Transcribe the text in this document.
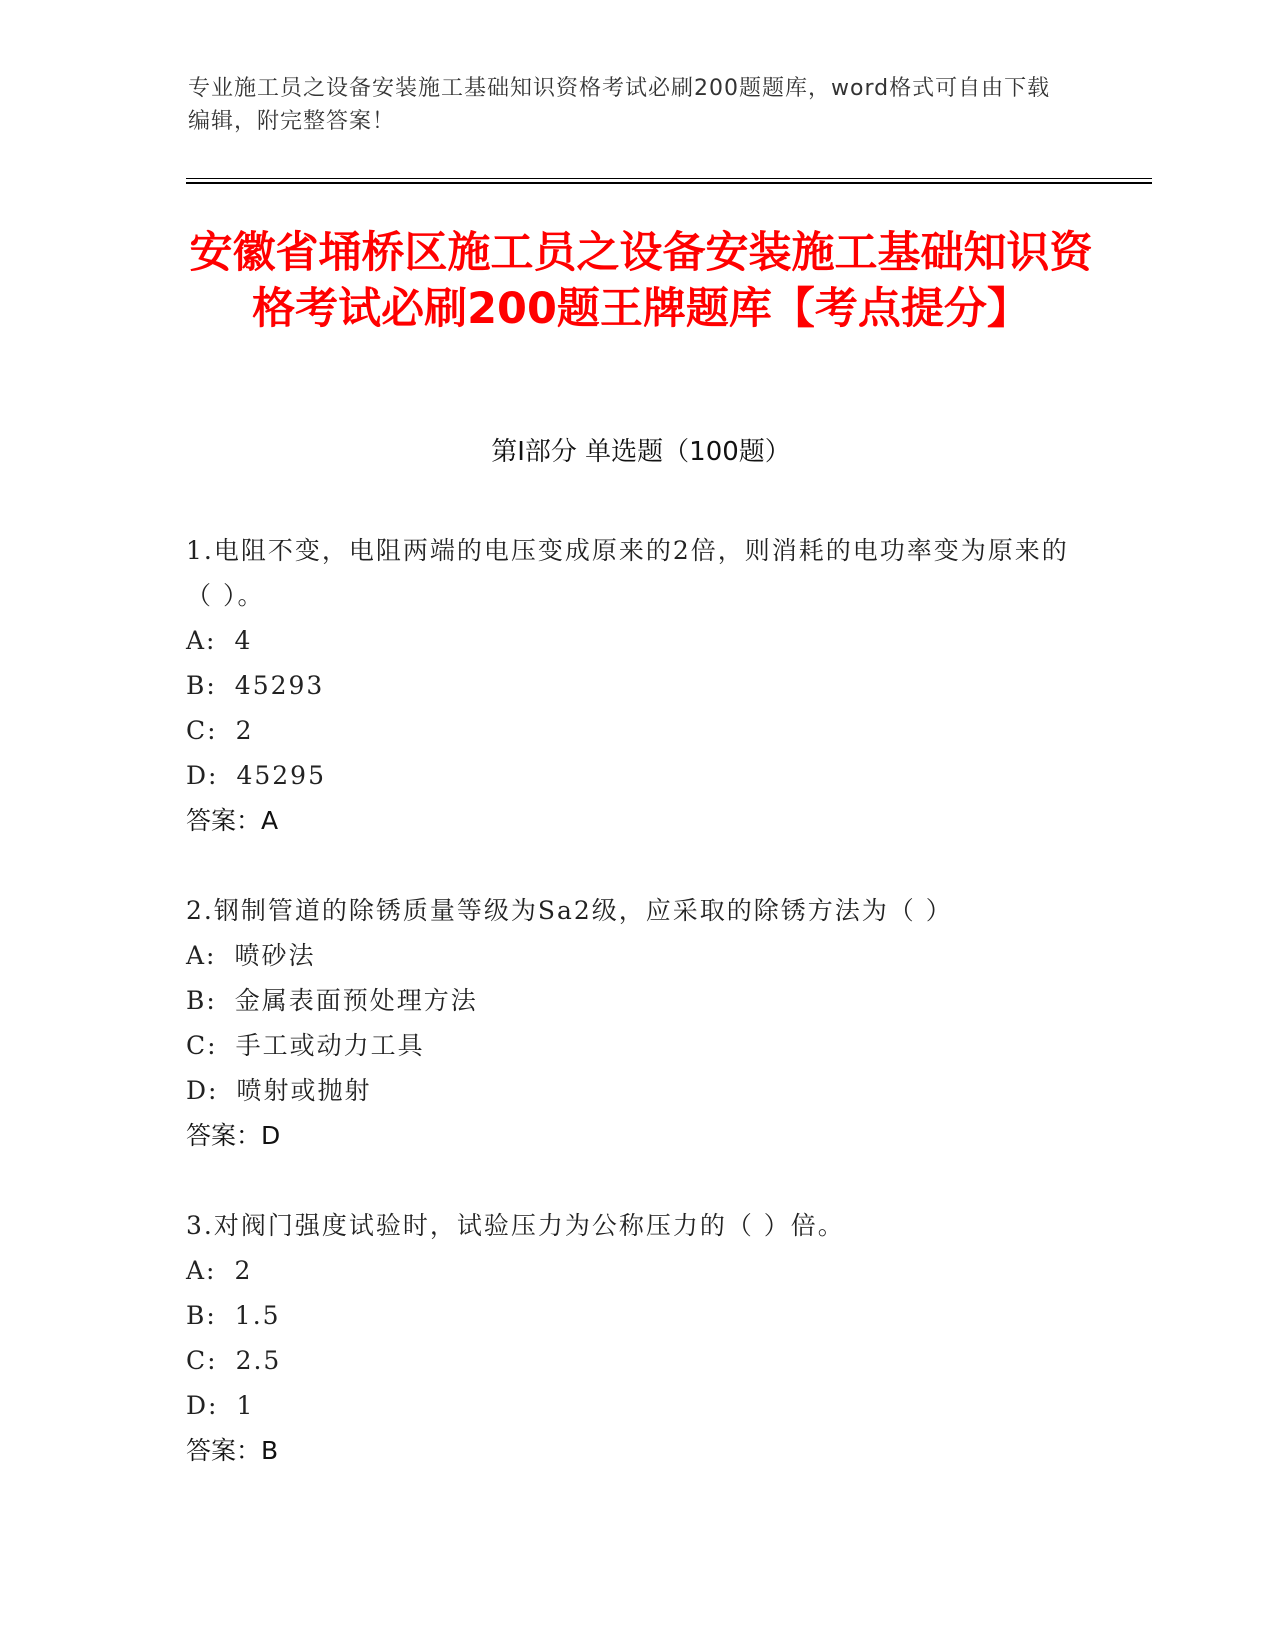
专业施工员之设备安装施工基础知识资格考试必刷200题题库，word格式可自由下载编辑，附完整答案！
安徽省埇桥区施工员之设备安装施工基础知识资格考试必刷200题王牌题库【考点提分】
第I部分 单选题（100题）

1.电阻不变，电阻两端的电压变成原来的2倍，则消耗的电功率变为原来的（ ）。

A: 4

B: 45293

C: 2

D: 45295

答案：A

2.钢制管道的除锈质量等级为Sa2级，应采取的除锈方法为（ ）

A: 喷砂法

B: 金属表面预处理方法

C: 手工或动力工具

D: 喷射或抛射

答案：D

3.对阀门强度试验时，试验压力为公称压力的（ ）倍。

A: 2

B: 1.5

C: 2.5

D: 1

答案：B
